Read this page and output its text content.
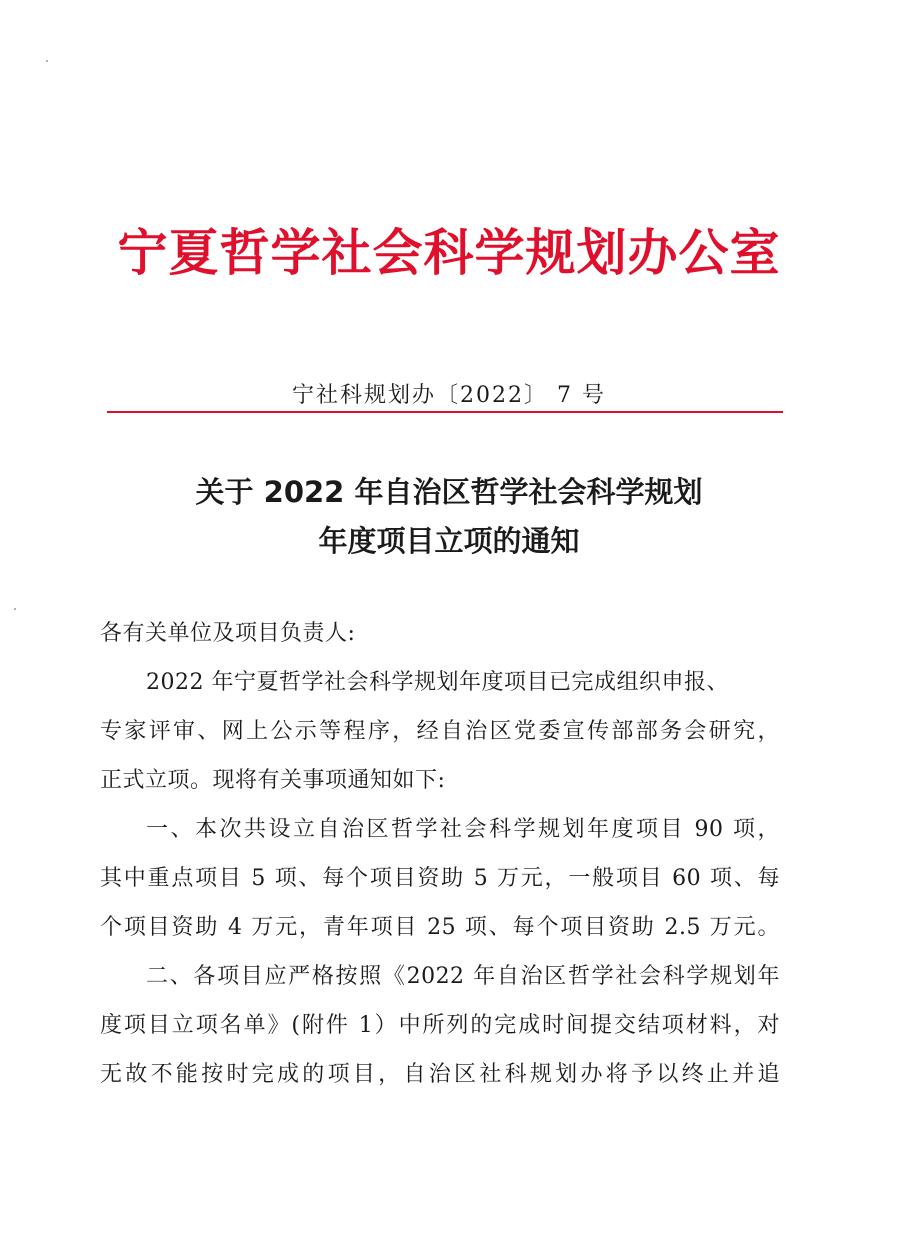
宁夏哲学社会科学规划办公室
宁社科规划办〔2022〕 7 号
关于 2022 年自治区哲学社会科学规划
年度项目立项的通知
各有关单位及项目负责人:
2022 年宁夏哲学社会科学规划年度项目已完成组织申报、
专家评审、网上公示等程序，经自治区党委宣传部部务会研究，
正式立项。现将有关事项通知如下:
一、本次共设立自治区哲学社会科学规划年度项目 90 项，
其中重点项目 5 项、每个项目资助 5 万元，一般项目 60 项、每
个项目资助 4 万元，青年项目 25 项、每个项目资助 2.5 万元。
二、各项目应严格按照《2022 年自治区哲学社会科学规划年
度项目立项名单》(附件 1）中所列的完成时间提交结项材料，对
无故不能按时完成的项目，自治区社科规划办将予以终止并追
